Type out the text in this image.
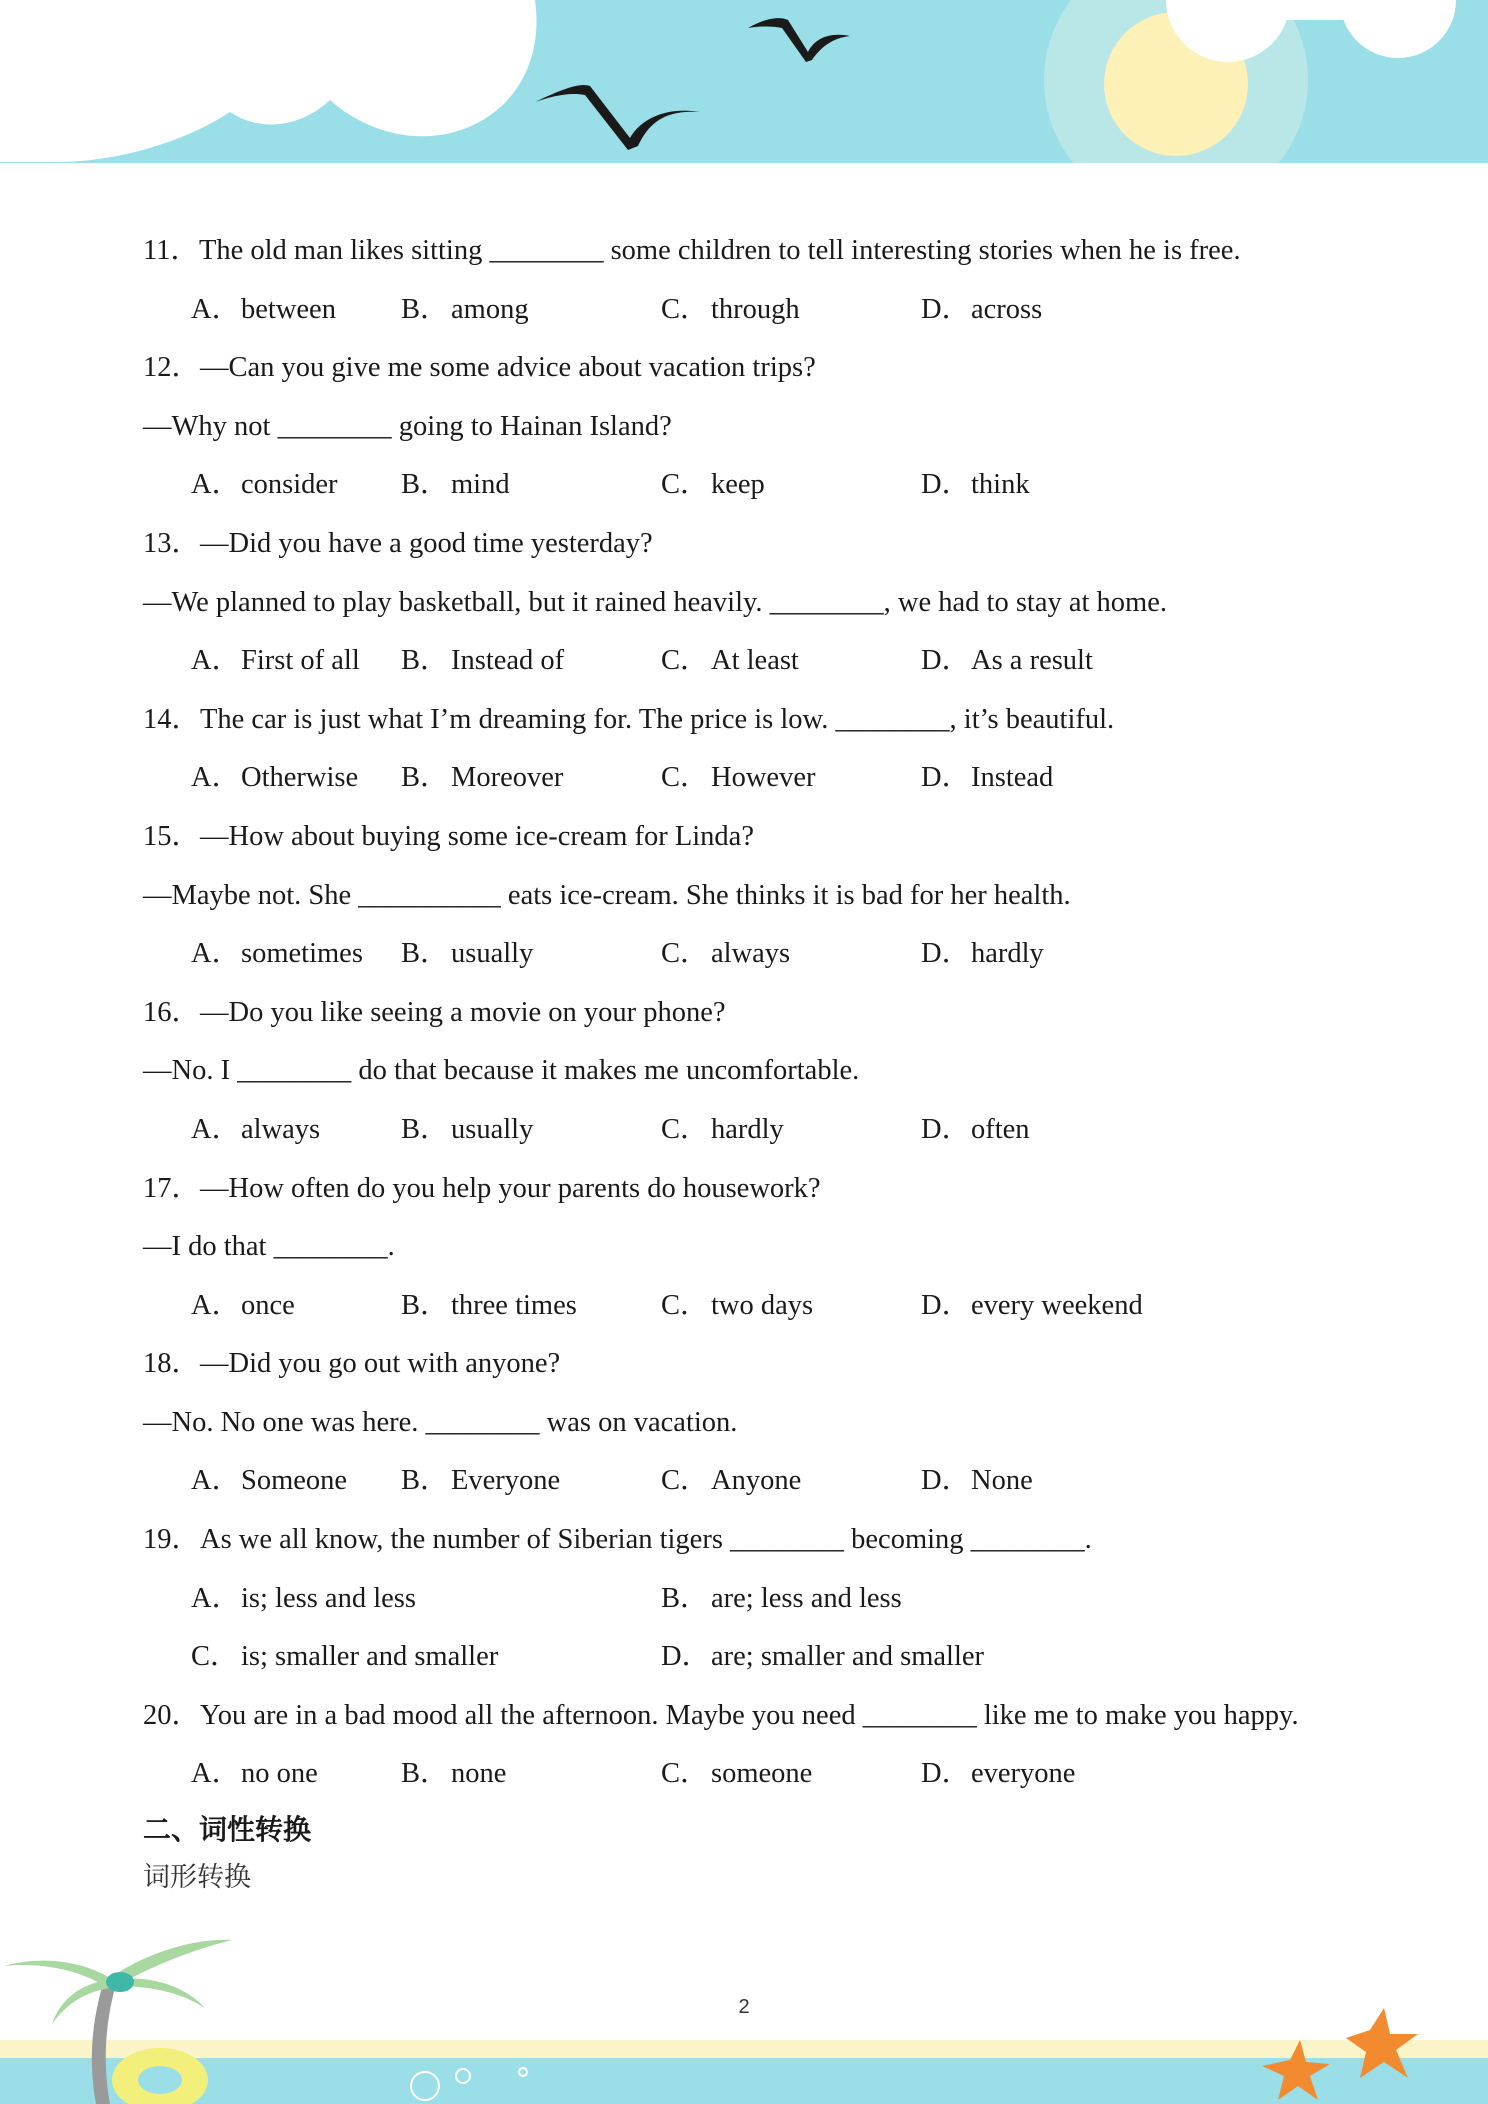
11．The old man likes sitting ________ some children to tell interesting stories when he is free.
A．between	B．among	C．through	D．across
12．—Can you give me some advice about vacation trips?
—Why not ________ going to Hainan Island?
A．consider	B．mind	C．keep	D．think
13．—Did you have a good time yesterday?
—We planned to play basketball, but it rained heavily. ________, we had to stay at home.
A．First of all	B．Instead of	C．At least	D．As a result
14．The car is just what I’m dreaming for. The price is low. ________, it’s beautiful.
A．Otherwise	B．Moreover	C．However	D．Instead
15．—How about buying some ice-cream for Linda?
—Maybe not. She __________ eats ice-cream. She thinks it is bad for her health.
A．sometimes	B．usually	C．always	D．hardly
16．—Do you like seeing a movie on your phone?
—No. I ________ do that because it makes me uncomfortable.
A．always	B．usually	C．hardly	D．often
17．—How often do you help your parents do housework?
—I do that ________.
A．once	B．three times	C．two days	D．every weekend
18．—Did you go out with anyone?
—No. No one was here. ________ was on vacation.
A．Someone	B．Everyone	C．Anyone	D．None
19．As we all know, the number of Siberian tigers ________ becoming ________.
A．is; less and less	B．are; less and less
C．is; smaller and smaller	D．are; smaller and smaller
20．You are in a bad mood all the afternoon. Maybe you need ________ like me to make you happy.
A．no one	B．none	C．someone	D．everyone
二、词性转换
词形转换
2
